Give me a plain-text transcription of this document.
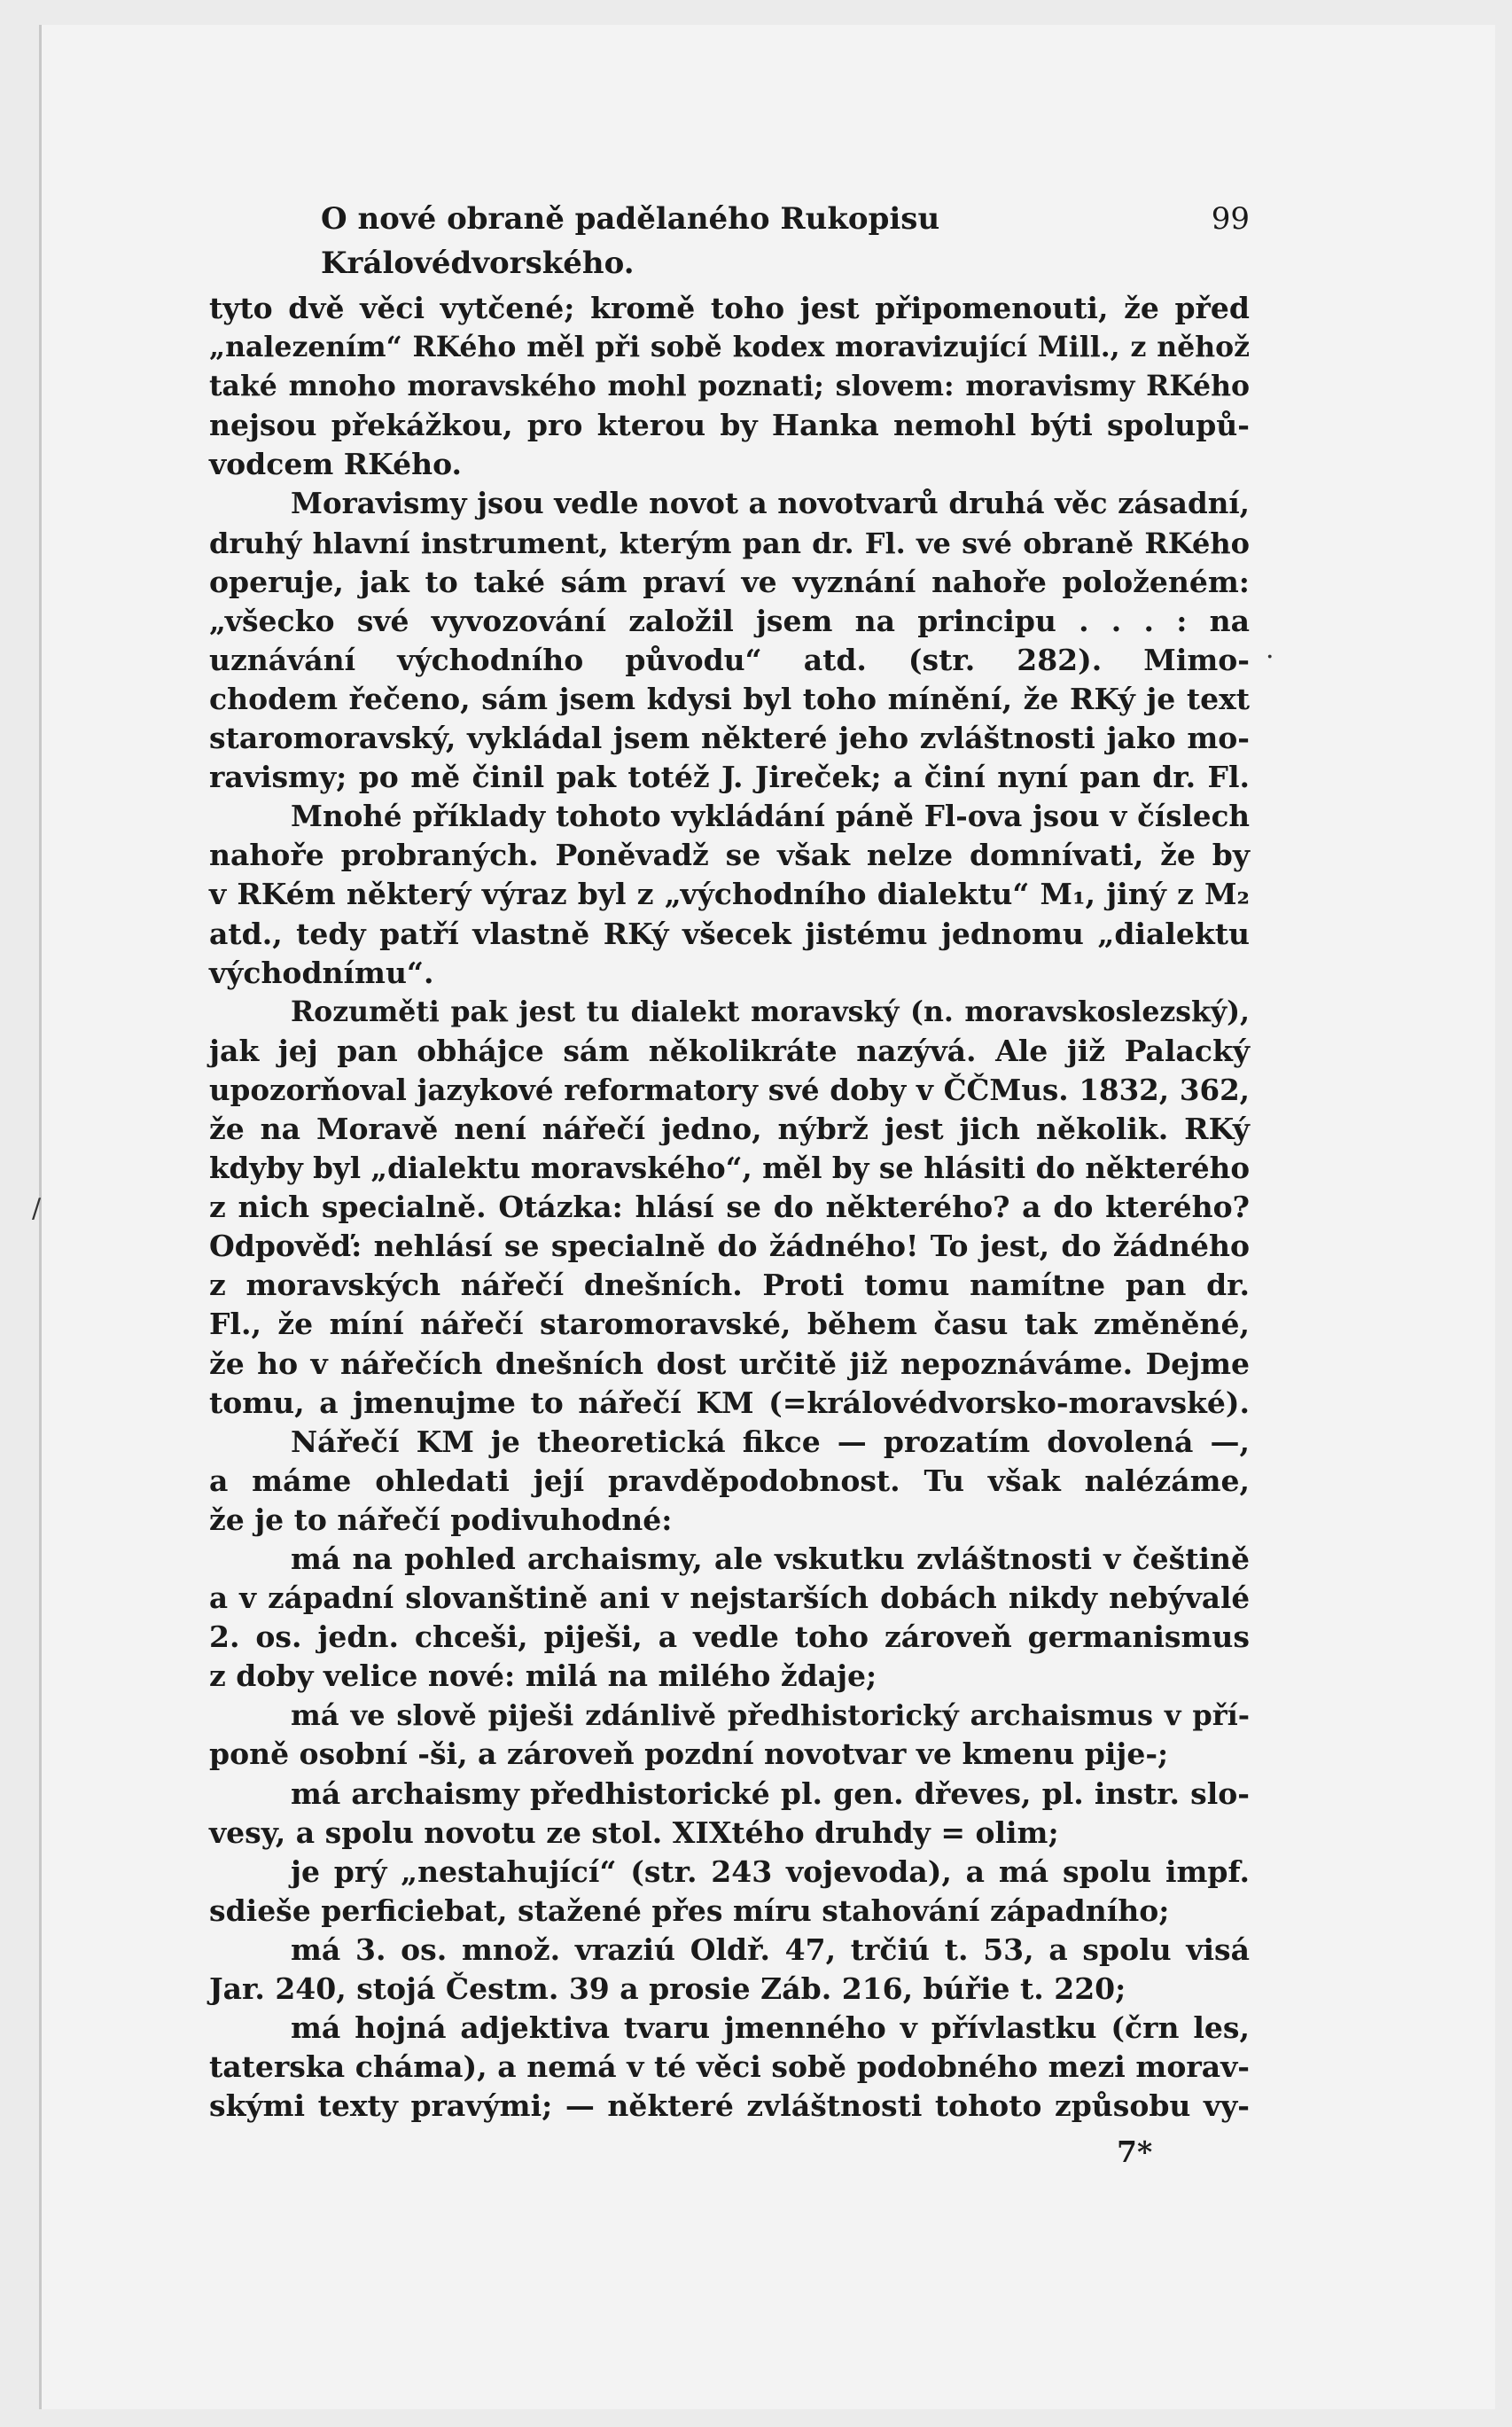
O nové obraně padělaného Rukopisu Královédvorského.
99
tyto dvě věci vytčené; kromě toho jest připomenouti, že před
„nalezením“ RKého měl při sobě kodex moravizující Mill., z něhož
také mnoho moravského mohl poznati; slovem: moravismy RKého
nejsou překážkou, pro kterou by Hanka nemohl býti spolupů-
vodcem RKého.
Moravismy jsou vedle novot a novotvarů druhá věc zásadní,
druhý hlavní instrument, kterým pan dr. Fl. ve své obraně RKého
operuje, jak to také sám praví ve vyznání nahoře položeném:
„všecko své vyvozování založil jsem na principu . . . : na
uznávání východního původu“ atd. (str. 282). Mimo-
chodem řečeno, sám jsem kdysi byl toho mínění, že RKý je text
staromoravský, vykládal jsem některé jeho zvláštnosti jako mo-
ravismy; po mě činil pak totéž J. Jireček; a činí nyní pan dr. Fl.
Mnohé příklady tohoto vykládání páně Fl-ova jsou v číslech
nahoře probraných. Poněvadž se však nelze domnívati, že by
v RKém některý výraz byl z „východního dialektu“ M₁, jiný z M₂
atd., tedy patří vlastně RKý všecek jistému jednomu „dialektu
východnímu“.
Rozuměti pak jest tu dialekt moravský (n. moravskoslezský),
jak jej pan obhájce sám několikráte nazývá. Ale již Palacký
upozorňoval jazykové reformatory své doby v ČČMus. 1832, 362,
že na Moravě není nářečí jedno, nýbrž jest jich několik. RKý
kdyby byl „dialektu moravského“, měl by se hlásiti do některého
z nich specialně. Otázka: hlásí se do některého? a do kterého?
Odpověď: nehlásí se specialně do žádného! To jest, do žádného
z moravských nářečí dnešních. Proti tomu namítne pan dr.
Fl., že míní nářečí staromoravské, během času tak změněné,
že ho v nářečích dnešních dost určitě již nepoznáváme. Dejme
tomu, a jmenujme to nářečí KM (=královédvorsko-moravské).
Nářečí KM je theoretická fikce — prozatím dovolená —,
a máme ohledati její pravděpodobnost. Tu však nalézáme,
že je to nářečí podivuhodné:
má na pohled archaismy, ale vskutku zvláštnosti v češtině
a v západní slovanštině ani v nejstarších dobách nikdy nebývalé
2. os. jedn. chceši, piješi, a vedle toho zároveň germanismus
z doby velice nové: milá na milého ždaje;
má ve slově piješi zdánlivě předhistorický archaismus v pří-
poně osobní -ši, a zároveň pozdní novotvar ve kmenu pije-;
má archaismy předhistorické pl. gen. dřeves, pl. instr. slo-
vesy, a spolu novotu ze stol. XIXtého druhdy = olim;
je prý „nestahující“ (str. 243 vojevoda), a má spolu impf.
sdieše perficiebat, stažené přes míru stahování západního;
má 3. os. množ. vraziú Oldř. 47, trčiú t. 53, a spolu visá
Jar. 240, stojá Čestm. 39 a prosie Záb. 216, búřie t. 220;
má hojná adjektiva tvaru jmenného v přívlastku (črn les,
taterska cháma), a nemá v té věci sobě podobného mezi morav-
skými texty pravými; — některé zvláštnosti tohoto způsobu vy-
7*
·
/
